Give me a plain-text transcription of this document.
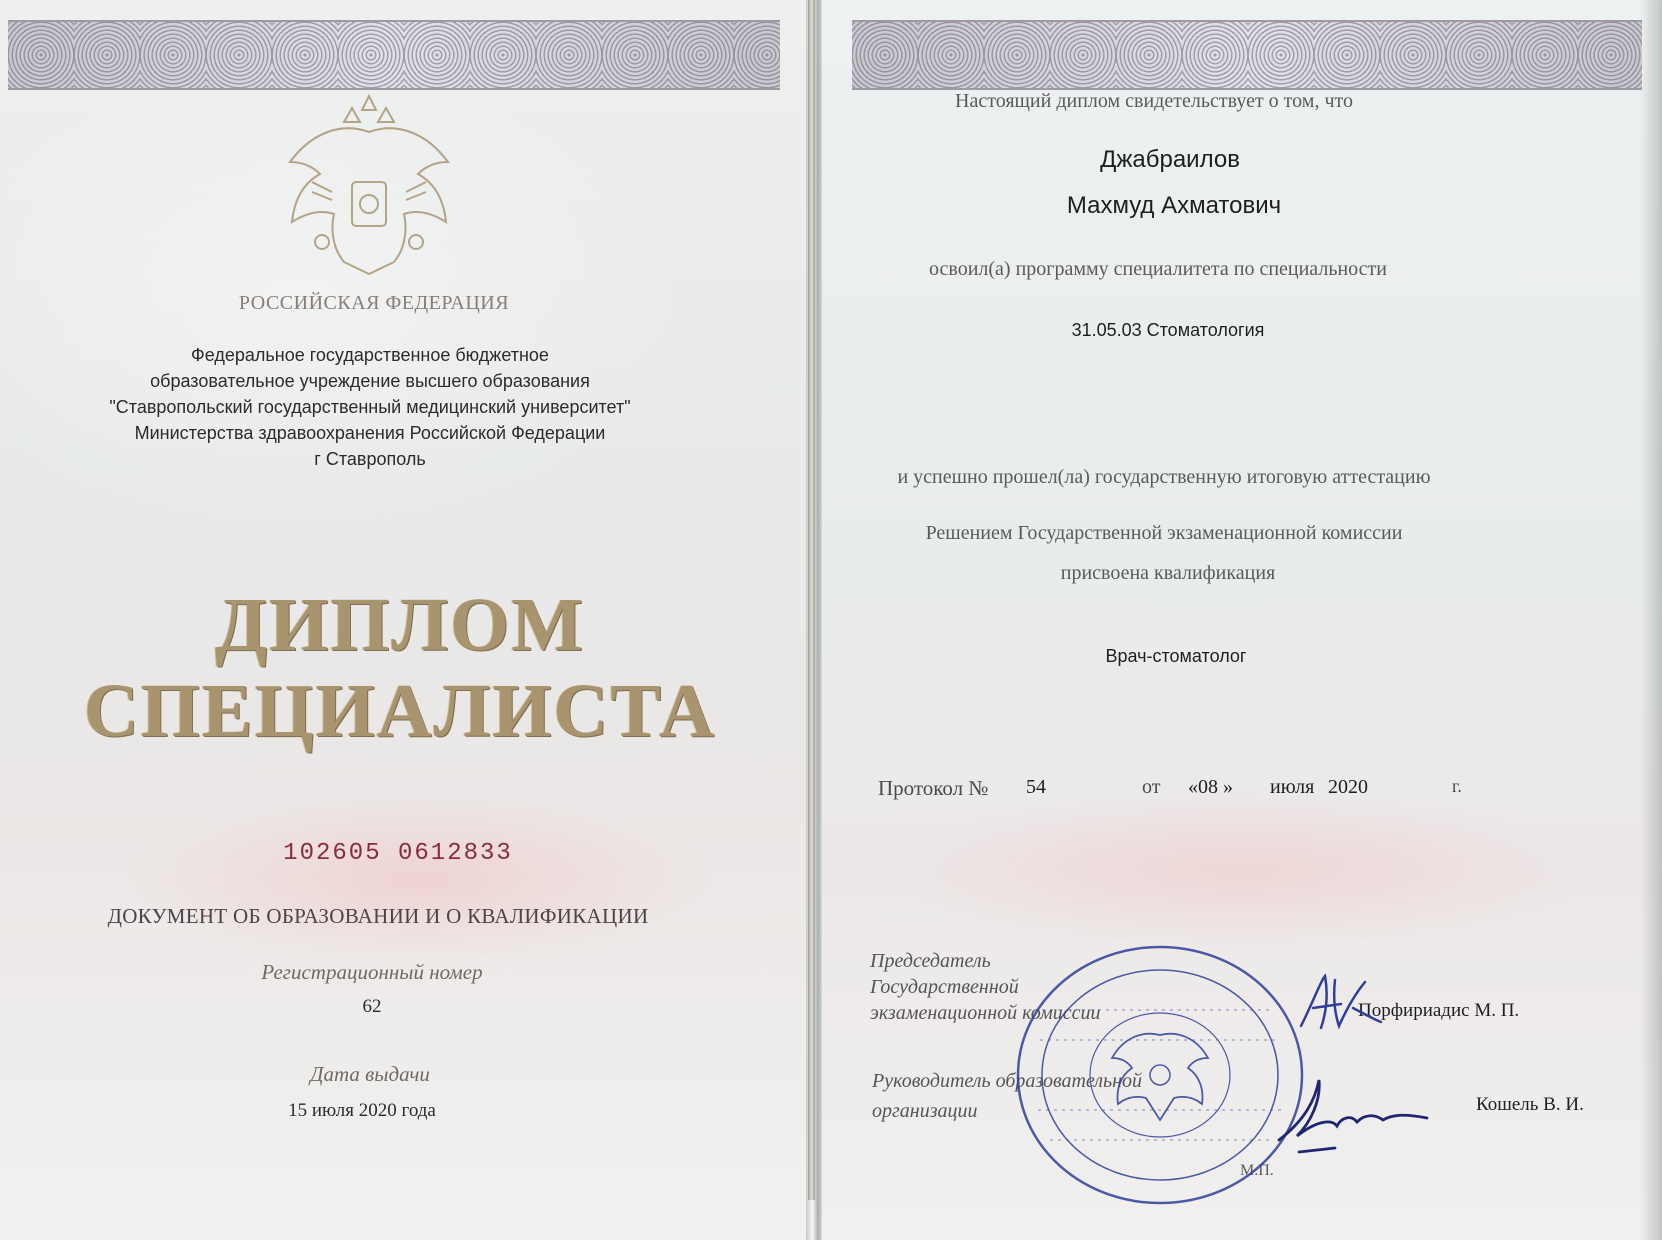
РОССИЙСКАЯ ФЕДЕРАЦИЯ
Федеральное государственное бюджетное
образовательное учреждение высшего образования
"Ставропольский государственный медицинский университет"
Министерства здравоохранения Российской Федерации
г Ставрополь
ДИПЛОМ
СПЕЦИАЛИСТА
102605 0612833
ДОКУМЕНТ ОБ ОБРАЗОВАНИИ И О КВАЛИФИКАЦИИ
Регистрационный номер
62
Дата выдачи
15 июля 2020 года
Настоящий диплом свидетельствует о том, что
Джабраилов
Махмуд Ахматович
освоил(а) программу специалитета по специальности
31.05.03 Стоматология
и успешно прошел(ла) государственную итоговую аттестацию
Решением Государственной экзаменационной комиссии
присвоена квалификация
Врач-стоматолог
Протокол № 54	от «08 » июля 2020	г.
Председатель
Государственной
экзаменационной комиссии	Порфириадис М. П.
Руководитель образовательной
организации	Кошель В. И.
М.П.
